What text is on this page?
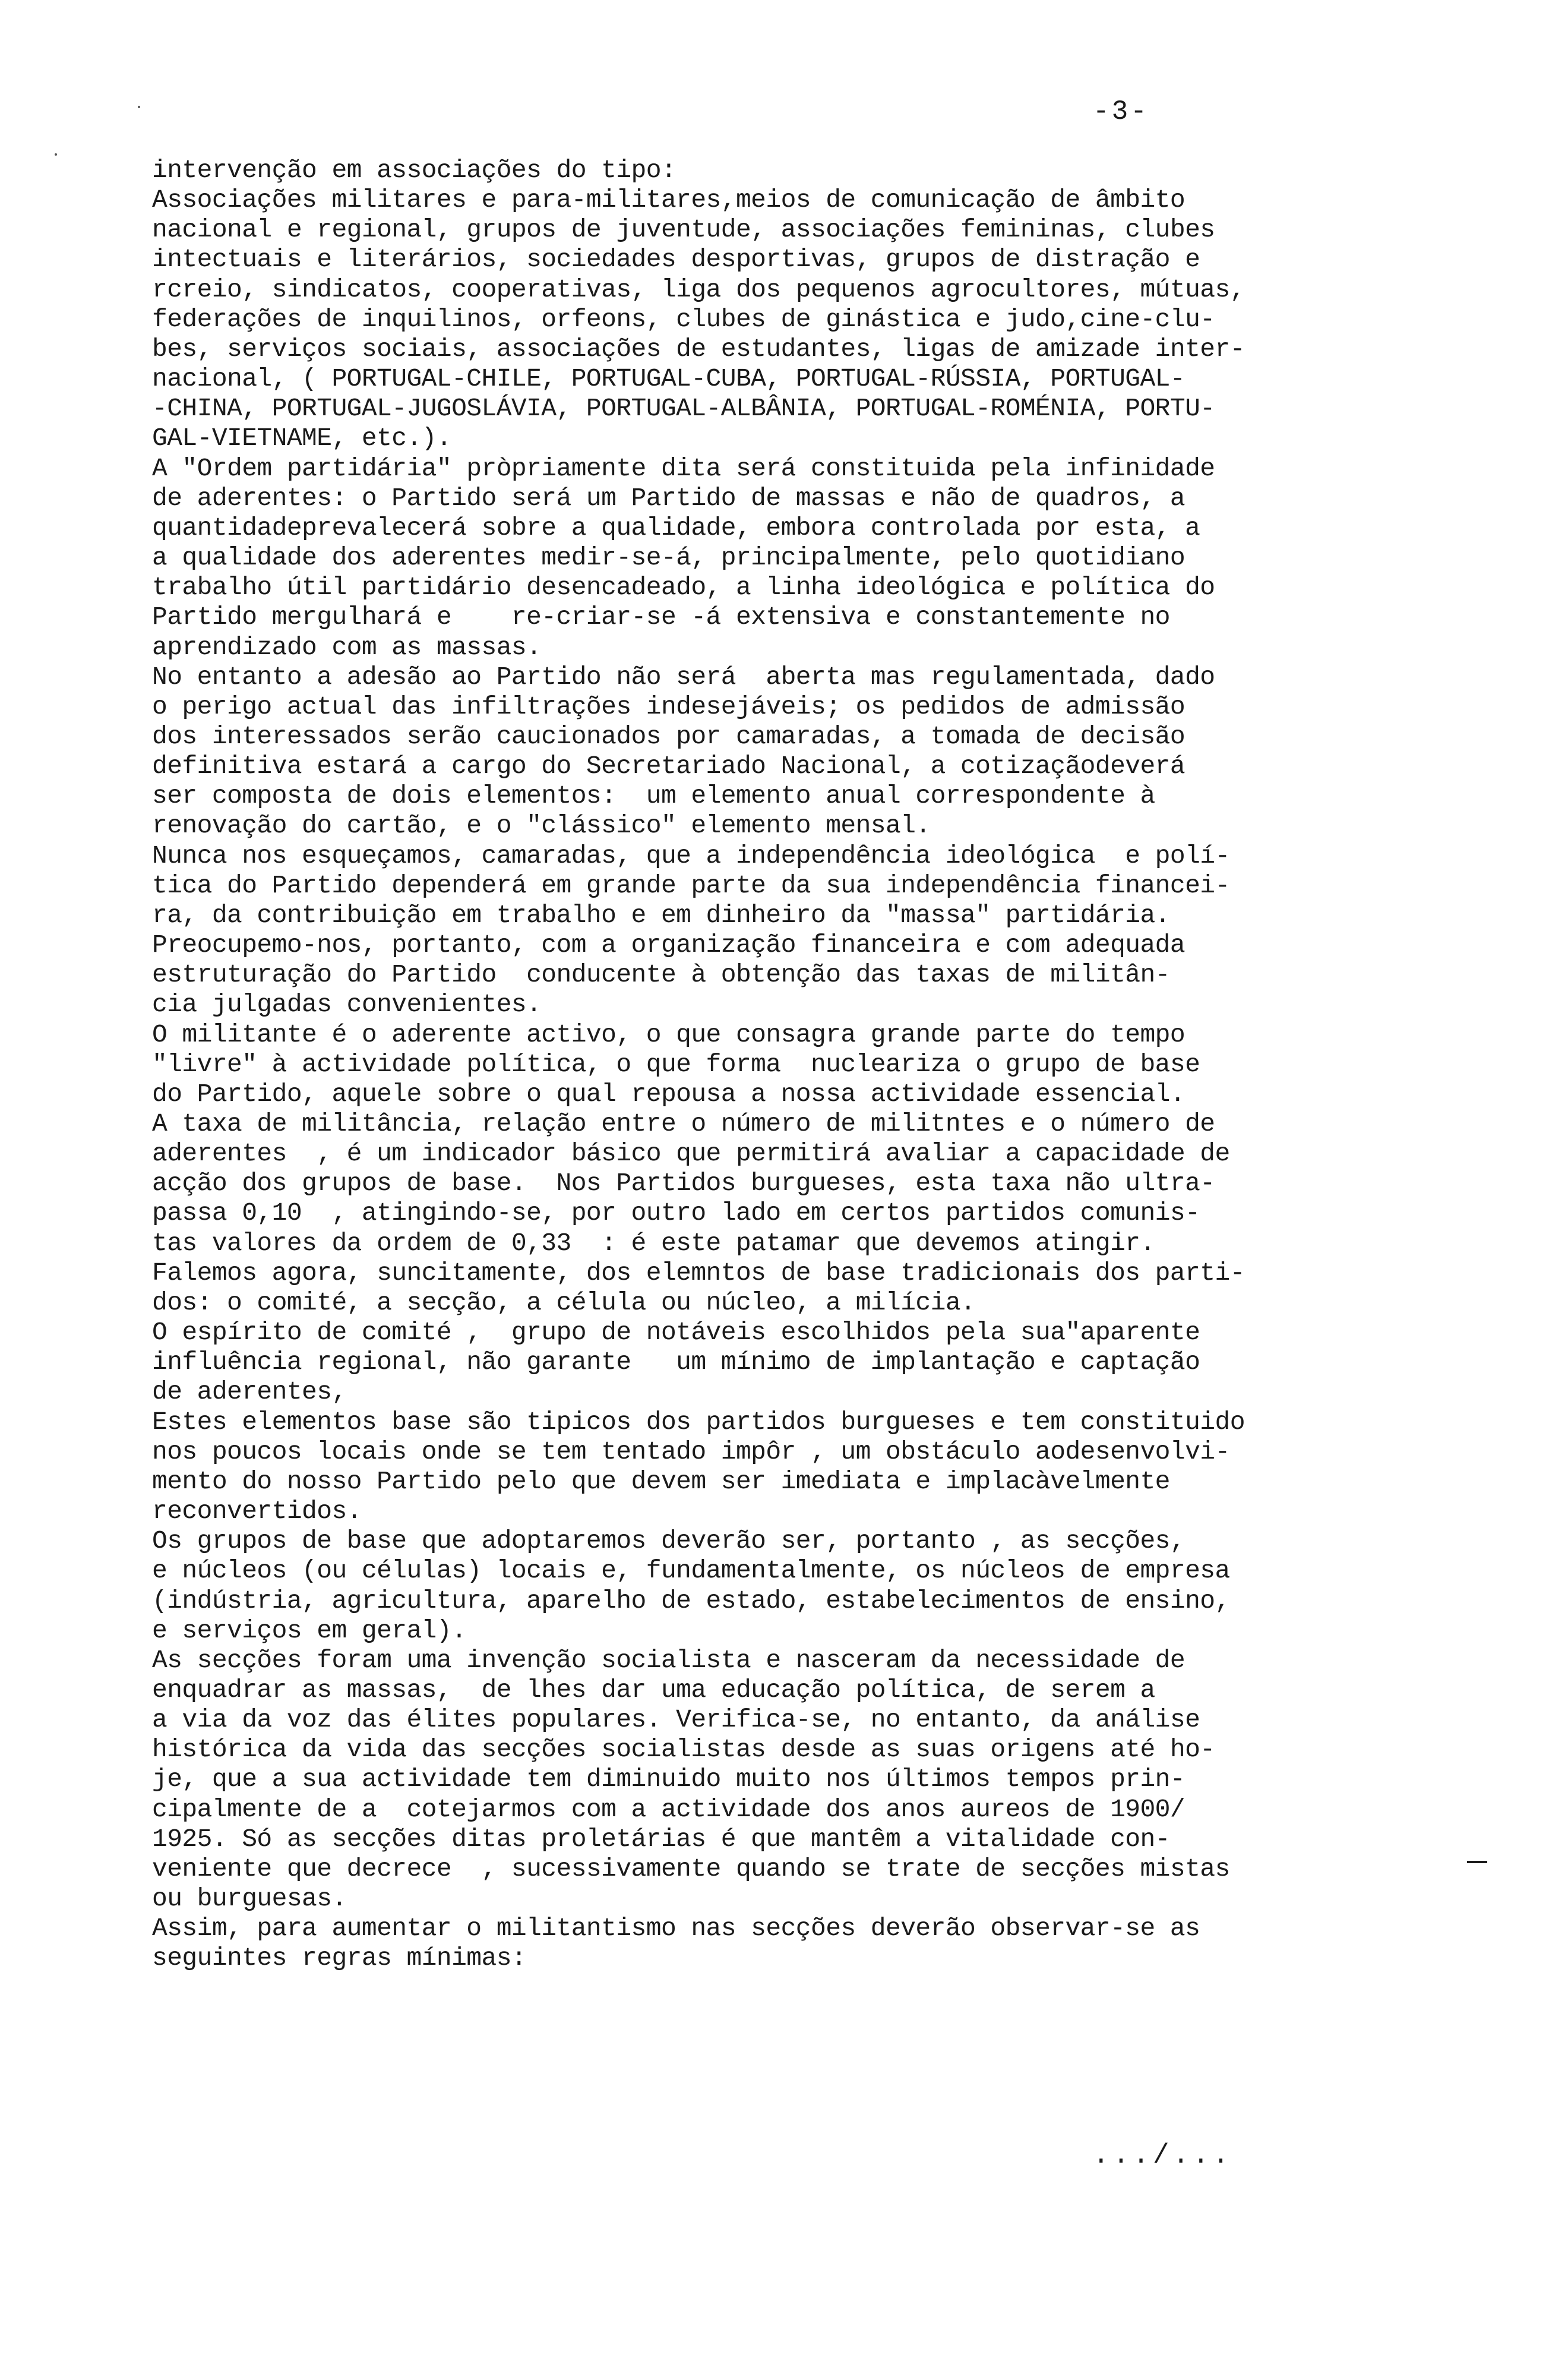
-3-
intervenção em associações do tipo:
Associações militares e para-militares,meios de comunicação de âmbito
nacional e regional, grupos de juventude, associações femininas, clubes
intectuais e literários, sociedades desportivas, grupos de distração e
rcreio, sindicatos, cooperativas, liga dos pequenos agrocultores, mútuas,
federações de inquilinos, orfeons, clubes de ginástica e judo,cine-clu-
bes, serviços sociais, associações de estudantes, ligas de amizade inter-
nacional, ( PORTUGAL-CHILE, PORTUGAL-CUBA, PORTUGAL-RÚSSIA, PORTUGAL-
-CHINA, PORTUGAL-JUGOSLÁVIA, PORTUGAL-ALBÂNIA, PORTUGAL-ROMÉNIA, PORTU-
GAL-VIETNAME, etc.).
A "Ordem partidária" pròpriamente dita será constituida pela infinidade
de aderentes: o Partido será um Partido de massas e não de quadros, a
quantidadeprevalecerá sobre a qualidade, embora controlada por esta, a
a qualidade dos aderentes medir-se-á, principalmente, pelo quotidiano
trabalho útil partidário desencadeado, a linha ideológica e política do
Partido mergulhará e    re-criar-se -á extensiva e constantemente no
aprendizado com as massas.
No entanto a adesão ao Partido não será  aberta mas regulamentada, dado
o perigo actual das infiltrações indesejáveis; os pedidos de admissão
dos interessados serão caucionados por camaradas, a tomada de decisão
definitiva estará a cargo do Secretariado Nacional, a cotizaçãodeverá
ser composta de dois elementos:  um elemento anual correspondente à
renovação do cartão, e o "clássico" elemento mensal.
Nunca nos esqueçamos, camaradas, que a independência ideológica  e polí-
tica do Partido dependerá em grande parte da sua independência financei-
ra, da contribuição em trabalho e em dinheiro da "massa" partidária.
Preocupemo-nos, portanto, com a organização financeira e com adequada
estruturação do Partido  conducente à obtenção das taxas de militân-
cia julgadas convenientes.
O militante é o aderente activo, o que consagra grande parte do tempo
"livre" à actividade política, o que forma  nucleariza o grupo de base
do Partido, aquele sobre o qual repousa a nossa actividade essencial.
A taxa de militância, relação entre o número de militntes e o número de
aderentes  , é um indicador básico que permitirá avaliar a capacidade de
acção dos grupos de base.  Nos Partidos burgueses, esta taxa não ultra-
passa 0,10  , atingindo-se, por outro lado em certos partidos comunis-
tas valores da ordem de 0,33  : é este patamar que devemos atingir.
Falemos agora, suncitamente, dos elemntos de base tradicionais dos parti-
dos: o comité, a secção, a célula ou núcleo, a milícia.
O espírito de comité ,  grupo de notáveis escolhidos pela sua"aparente
influência regional, não garante   um mínimo de implantação e captação
de aderentes,
Estes elementos base são tipicos dos partidos burgueses e tem constituido
nos poucos locais onde se tem tentado impôr , um obstáculo aodesenvolvi-
mento do nosso Partido pelo que devem ser imediata e implacàvelmente
reconvertidos.
Os grupos de base que adoptaremos deverão ser, portanto , as secções,
e núcleos (ou células) locais e, fundamentalmente, os núcleos de empresa
(indústria, agricultura, aparelho de estado, estabelecimentos de ensino,
e serviços em geral).
As secções foram uma invenção socialista e nasceram da necessidade de
enquadrar as massas,  de lhes dar uma educação política, de serem a
a via da voz das élites populares. Verifica-se, no entanto, da análise
histórica da vida das secções socialistas desde as suas origens até ho-
je, que a sua actividade tem diminuido muito nos últimos tempos prin-
cipalmente de a  cotejarmos com a actividade dos anos aureos de 1900/
1925. Só as secções ditas proletárias é que mantêm a vitalidade con-
veniente que decrece  , sucessivamente quando se trate de secções mistas
ou burguesas.
Assim, para aumentar o militantismo nas secções deverão observar-se as
seguintes regras mínimas:
.../...
